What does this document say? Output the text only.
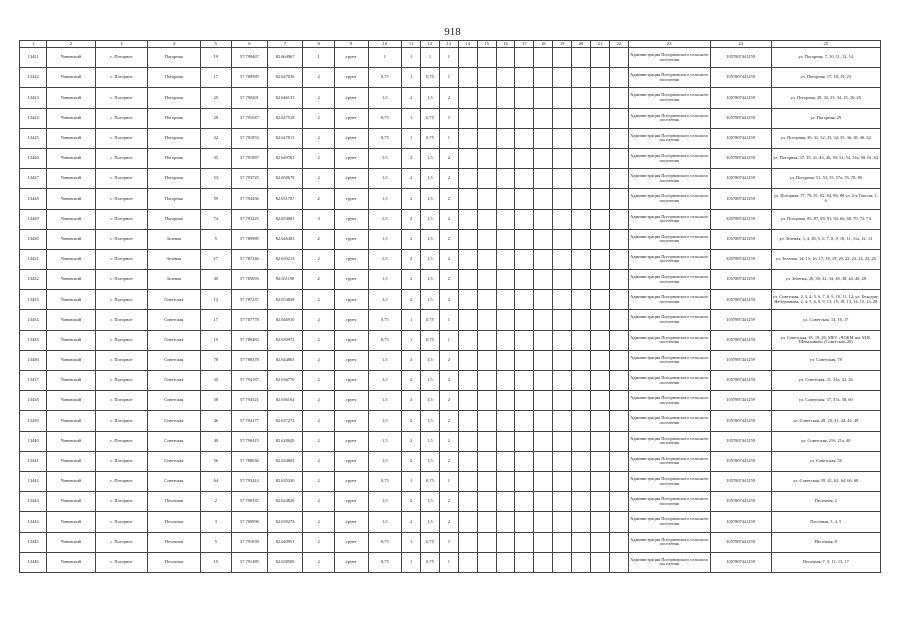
918
1	2	3	4	5	6	7	8	9	10	11	12	13	14	15	16	17	18	19	20	21	22	23	24	25
13421	Чановский	с. Погорное	Погорная	19	57.799467	82.664067	1	грунт	1	1	1	1										Администрация Погорновского сельского поселения	1057807441259	ул. Погорная, 7, 10, 11, 12, 14
13422	Чановский	с. Погорное	Погорная	17	57.789589	82.647016	2	грунт	0,75	1	0,75	1										Администрация Погорновского сельского поселения	1057807441259	ул. Погорная, 17, 18, 19, 23
13423	Чановский	с. Погорное	Погорная	25	57.790201	82.646133	2	грунт	1,5	2	1,5	2										Администрация Погорновского сельского поселения	1057807441259	ул. Погорная, 28, 32, 33, 34, 25, 26, 29
13424	Чановский	с. Погорное	Погорная	29	57.791047	82.647518	2	грунт	0,75	1	0,75	1										Администрация Погорновского сельского поселения	1057807441259	ул. Погорная, 29
13425	Чановский	с. Погорное	Погорная	32	57.791853	82.647813	2	грунт	0,75	1	0,75	1										Администрация Погорновского сельского поселения	1057807441259	ул. Погорная, 30, 31, 32, 35, 34, 35, 36, 38, 40, 42
13426	Чановский	с. Погорное	Погорная	35	57.791887	82.649763	2	грунт	1,5	2	1,5	2										Администрация Погорновского сельского поселения	1057807441259	ул. Погорная, 37, 39, 41, 43, 46, 50, 52, 54, 54a, 58, 61, 62
13427	Чановский	с. Погорное	Погорная	53	57.793725	82.650678	2	грунт	1,5	2	1,5	2										Администрация Погорновского сельского поселения	1057807441259	ул. Погорная, 51, 53, 53, 57a, 76, 78, 80
13428	Чановский	с. Погорное	Погорная	59	57.794436	82.651707	2	грунт	1,5	2	1,5	2										Администрация Погорновского сельского поселения	1057807441259	ул. Погорная, 77, 79, 81, 82, 84, 86, 88 ул. 2-я Тополи, 1, 6
13429	Чановский	с. Погорное	Погорная	74	57.793425	82.654081	3	грунт	1,5	2	1,5	2										Администрация Погорновского сельского поселения	1057807441259	ул. Погорная, 85, 87, 89, 91, 94, 66, 68, 70, 72, 74
13430	Чановский	с. Погорное	Зеленая	5	57.789989	82.646483	2	грунт	1,5	2	1,5	2										Администрация Погорновского сельского поселения	1057807441259	ул. Зеленая, 3, 4, 46, 5, 6, 7, 8, 9, 10, 11, 11a, 12, 13
13431	Чановский	с. Погорное	Зеленая	17	57.787246	82.650213	2	грунт	1,5	2	1,5	2										Администрация Погорновского сельского поселения	1057807441259	ул. Зеленая, 14, 15, 16, 17, 18, 19, 20, 22, 23, 24, 25, 26
13432	Чановский	с. Погорное	Зеленая	40	57.785693	82.651198	2	грунт	1,5	2	1,5	2										Администрация Погорновского сельского поселения	1057807441259	ул. Зеленая, 26, 30, 32, 34, 38, 38, 44, 46, 48
13433	Чановский	с. Погорное	Советская	13	57.787237	82.654858	2	грунт	1,5	2	1,5	2										Администрация Погорновского сельского поселения	1057807441259	ул. Советская, 2, 3, 4, 5, 6, 7, 8, 9, 10, 11, 12, ул. Бельдин-Наберчанова, 2, 4, 5, 6, 8, 9, 13, 15, 18, 13, 14, 15, 23, 28
13434	Чановский	с. Погорное	Советская	17	57.787778	82.646916	2	грунт	0,75	1	0,75	1										Администрация Погорновского сельского поселения	1057807441259	ул. Советская, 14, 16, 17
13435	Чановский	с. Погорное	Советская	19	57.788483	82.650972	2	грунт	0,75	1	0,75	1										Администрация Погорновского сельского поселения	1057807441259	ул. Советская, 18, 19, 20, МБУ «ЧОКМ им. М.В. Шевалинин» (Советская, 20)
13436	Чановский	с. Погорное	Советская	78	57.788378	82.644863	2	грунт	1,5	2	1,5	2										Администрация Погорновского сельского поселения	1057807441259	ул. Советская, 78
13437	Чановский	с. Погорное	Советская	35	57.794187	82.636776	2	грунт	1,5	2	1,5	2										Администрация Погорновского сельского поселения	1057807441259	ул. Советская, 31, 31a, 33, 36
13438	Чановский	с. Погорное	Советская	38	57.794521	82.636164	2	грунт	1,5	2	1,5	2										Администрация Погорновского сельского поселения	1057807441259	ул. Советская, 37, 37a, 38, 60
13439	Чановский	с. Погорное	Советская	46	57.794177	82.637272	2	грунт	1,5	2	1,5	2										Администрация Погорновского сельского поселения	1057807441259	ул. Советская, 28, 29, 41, 44, 46, 48
13440	Чановский	с. Погорное	Советская	40	57.790415	82.628629	2	грунт	1,5	2	1,5	2										Администрация Погорновского сельского поселения	1057807441259	ул. Советская, 21б, 21a, 40
13441	Чановский	с. Погорное	Советская	56	57.788036	82.634802	2	грунт	1,5	2	1,5	2										Администрация Погорновского сельского поселения	1057807441259	ул. Советская, 56
13442	Чановский	с. Погорное	Советская	64	57.793414	82.635330	2	грунт	0,75	1	0,75	1										Администрация Погорновского сельского поселения	1057807441259	ул. Советская, 59, 61, 62, 64, 66, 68
13443	Чановский	с. Погорное	Песочная	2	57.790335	82.624829	2	грунт	1,5	2	1,5	2										Администрация Погорновского сельского поселения	1057807441259	Песочная, 2
13444	Чановский	с. Погорное	Песочная	3	57.790996	82.639273	2	грунт	1,5	2	1,5	2										Администрация Погорновского сельского поселения	1057807441259	Песочная, 3, 4, 5
13445	Чановский	с. Погорное	Песочная	5	57.791639	82.640951	2	грунт	0,75	1	0,75	1										Администрация Погорновского сельского поселения	1057807441259	Песочная, 8
13446	Чановский	с. Погорное	Песочная	15	57.791489	82.638509	2	грунт	0,75	1	0,75	1										Администрация Погорновского сельского поселения	1057807441259	Песочная, 7, 9, 11, 13, 17
